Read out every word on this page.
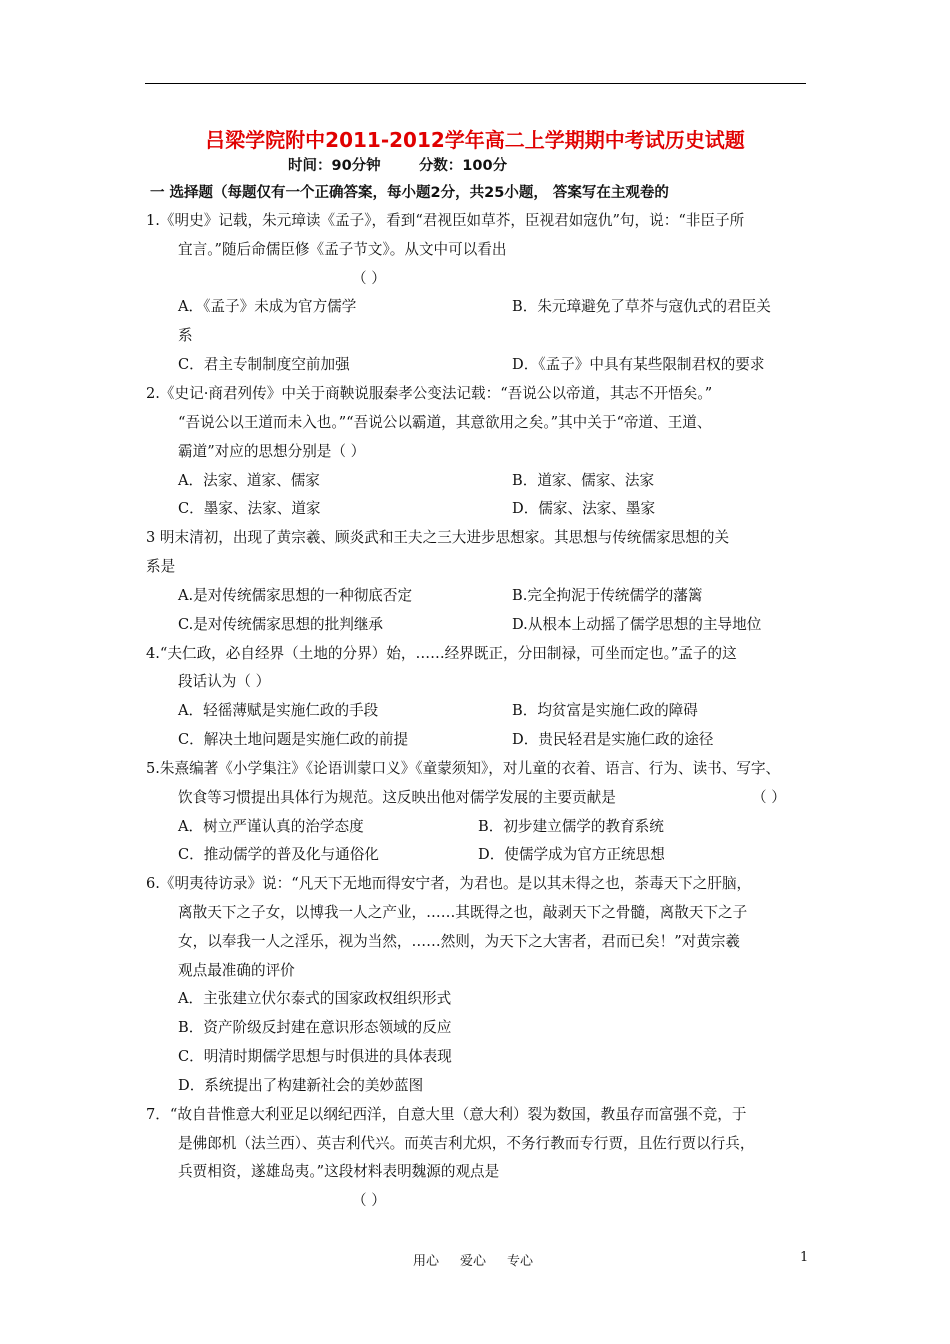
吕梁学院附中2011-2012学年高二上学期期中考试历史试题
时间：90分钟	分数：100分
一 选择题（每题仅有一个正确答案，每小题2分，共25小题， 答案写在主观卷的
1.《明史》记载，朱元璋读《孟子》，看到“君视臣如草芥，臣视君如寇仇”句，说：“非臣子所
宜言。”随后命儒臣修《孟子节文》。从文中可以看出
（ ）
A．《孟子》未成为官方儒学	B．朱元璋避免了草芥与寇仇式的君臣关
系
C．君主专制制度空前加强	D．《孟子》中具有某些限制君权的要求
2.《史记·商君列传》中关于商鞅说服秦孝公变法记载：“吾说公以帝道，其志不开悟矣。”
“吾说公以王道而未入也。”“吾说公以霸道，其意欲用之矣。”其中关于“帝道、王道、
霸道”对应的思想分别是（ ）
A．法家、道家、儒家	B．道家、儒家、法家
C．墨家、法家、道家	D．儒家、法家、墨家
3 明末清初，出现了黄宗羲、顾炎武和王夫之三大进步思想家。其思想与传统儒家思想的关
系是
A.是对传统儒家思想的一种彻底否定	B.完全拘泥于传统儒学的藩篱
C.是对传统儒家思想的批判继承	D.从根本上动摇了儒学思想的主导地位
4.“夫仁政，必自经界（土地的分界）始，……经界既正，分田制禄，可坐而定也。”孟子的这
段话认为（ ）
A．轻徭薄赋是实施仁政的手段	B．均贫富是实施仁政的障碍
C．解决土地问题是实施仁政的前提	D．贵民轻君是实施仁政的途径
5.朱熹编著《小学集注》《论语训蒙口义》《童蒙须知》，对儿童的衣着、语言、行为、读书、写字、
饮食等习惯提出具体行为规范。这反映出他对儒学发展的主要贡献是	（ ）
A．树立严谨认真的治学态度	B．初步建立儒学的教育系统
C．推动儒学的普及化与通俗化	D．使儒学成为官方正统思想
6.《明夷待访录》说：“凡天下无地而得安宁者，为君也。是以其未得之也，荼毒天下之肝脑，
离散天下之子女，以博我一人之产业，……其既得之也，敲剥天下之骨髓，离散天下之子
女，以奉我一人之淫乐，视为当然，……然则，为天下之大害者，君而已矣！”对黄宗羲
观点最准确的评价
A．主张建立伏尔泰式的国家政权组织形式
B．资产阶级反封建在意识形态领域的反应
C．明清时期儒学思想与时俱进的具体表现
D．系统提出了构建新社会的美妙蓝图
7．“故自昔惟意大利亚足以纲纪西洋，自意大里（意大利）裂为数国，教虽存而富强不竞，于
是佛郎机（法兰西）、英吉利代兴。而英吉利尤炽，不务行教而专行贾，且佐行贾以行兵，
兵贾相资，遂雄岛夷。”这段材料表明魏源的观点是
（ ）
用心 爱心 专心	1
